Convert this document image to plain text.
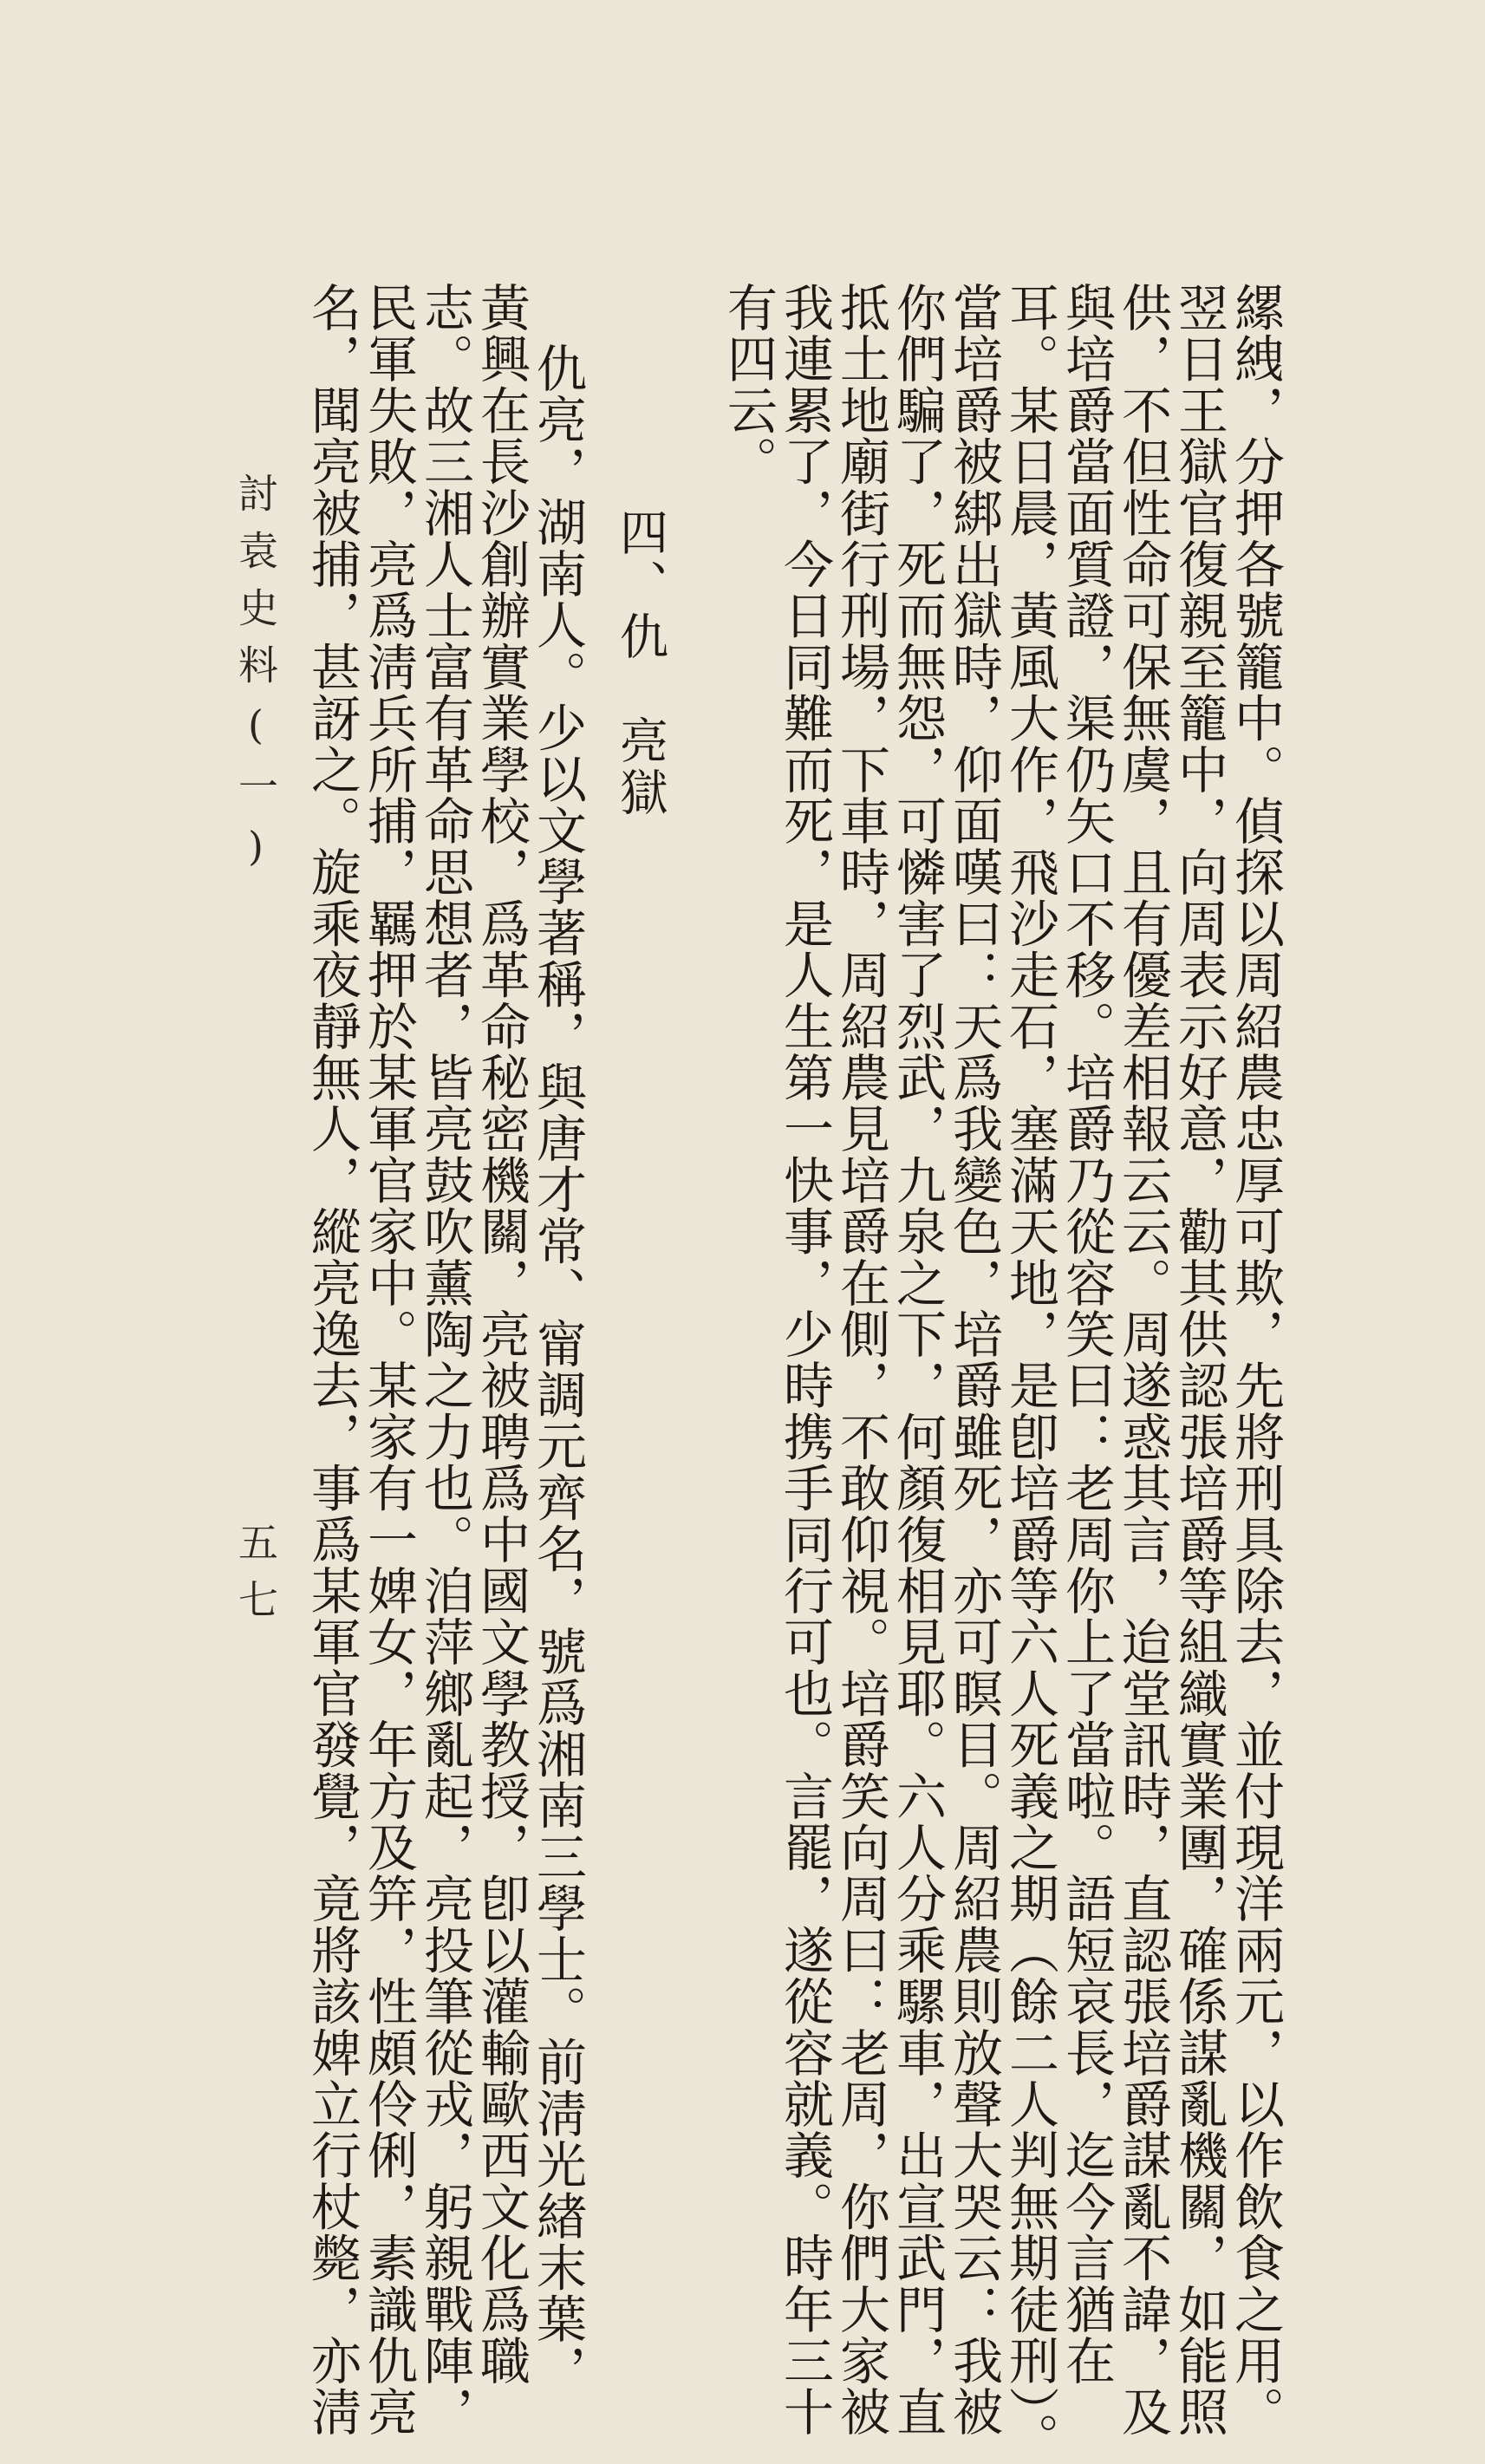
縲絏，分押各號籠中。偵探以周紹農忠厚可欺，先將刑具除去，並付現洋兩元，以作飲食之用。
翌日王獄官復親至籠中，向周表示好意，勸其供認張培爵等組織實業團，確係謀亂機關，如能照
供，不但性命可保無虞，且有優差相報云云。周遂惑其言，迨堂訊時，直認張培爵謀亂不諱，及
與培爵當面質證，渠仍矢口不移。培爵乃從容笑曰：老周你上了當啦。語短哀長，迄今言猶在
耳。某日晨，黃風大作，飛沙走石，塞滿天地，是卽培爵等六人死義之期（餘二人判無期徒刑）。
當培爵被綁出獄時，仰面嘆曰：天爲我變色，培爵雖死，亦可瞑目。周紹農則放聲大哭云：我被
你們騙了，死而無怨，可憐害了烈武，九泉之下，何顏復相見耶。六人分乘騾車，出宣武門，直
抵土地廟街行刑場，下車時，周紹農見培爵在側，不敢仰視。培爵笑向周曰：老周，你們大家被
我連累了，今日同難而死，是人生第一快事，少時携手同行可也。言罷，遂從容就義。時年三十
有四云。
四、仇　亮獄
仇亮，湖南人。少以文學著稱，與唐才常、甯調元齊名，號爲湘南三學士。前淸光緖末葉，
黃興在長沙創辦實業學校，爲革命秘密機關，亮被聘爲中國文學教授，卽以灌輸歐西文化爲職
志。故三湘人士富有革命思想者，皆亮鼓吹薰陶之力也。洎萍鄉亂起，亮投筆從戎，躬親戰陣，
民軍失敗，亮爲淸兵所捕，羈押於某軍官家中。某家有一婢女，年方及笄，性頗伶俐，素識仇亮
名，聞亮被捕，甚訝之。旋乘夜靜無人，縱亮逸去，事爲某軍官發覺，竟將該婢立行杖斃，亦淸
討袁史料(一)
五七
